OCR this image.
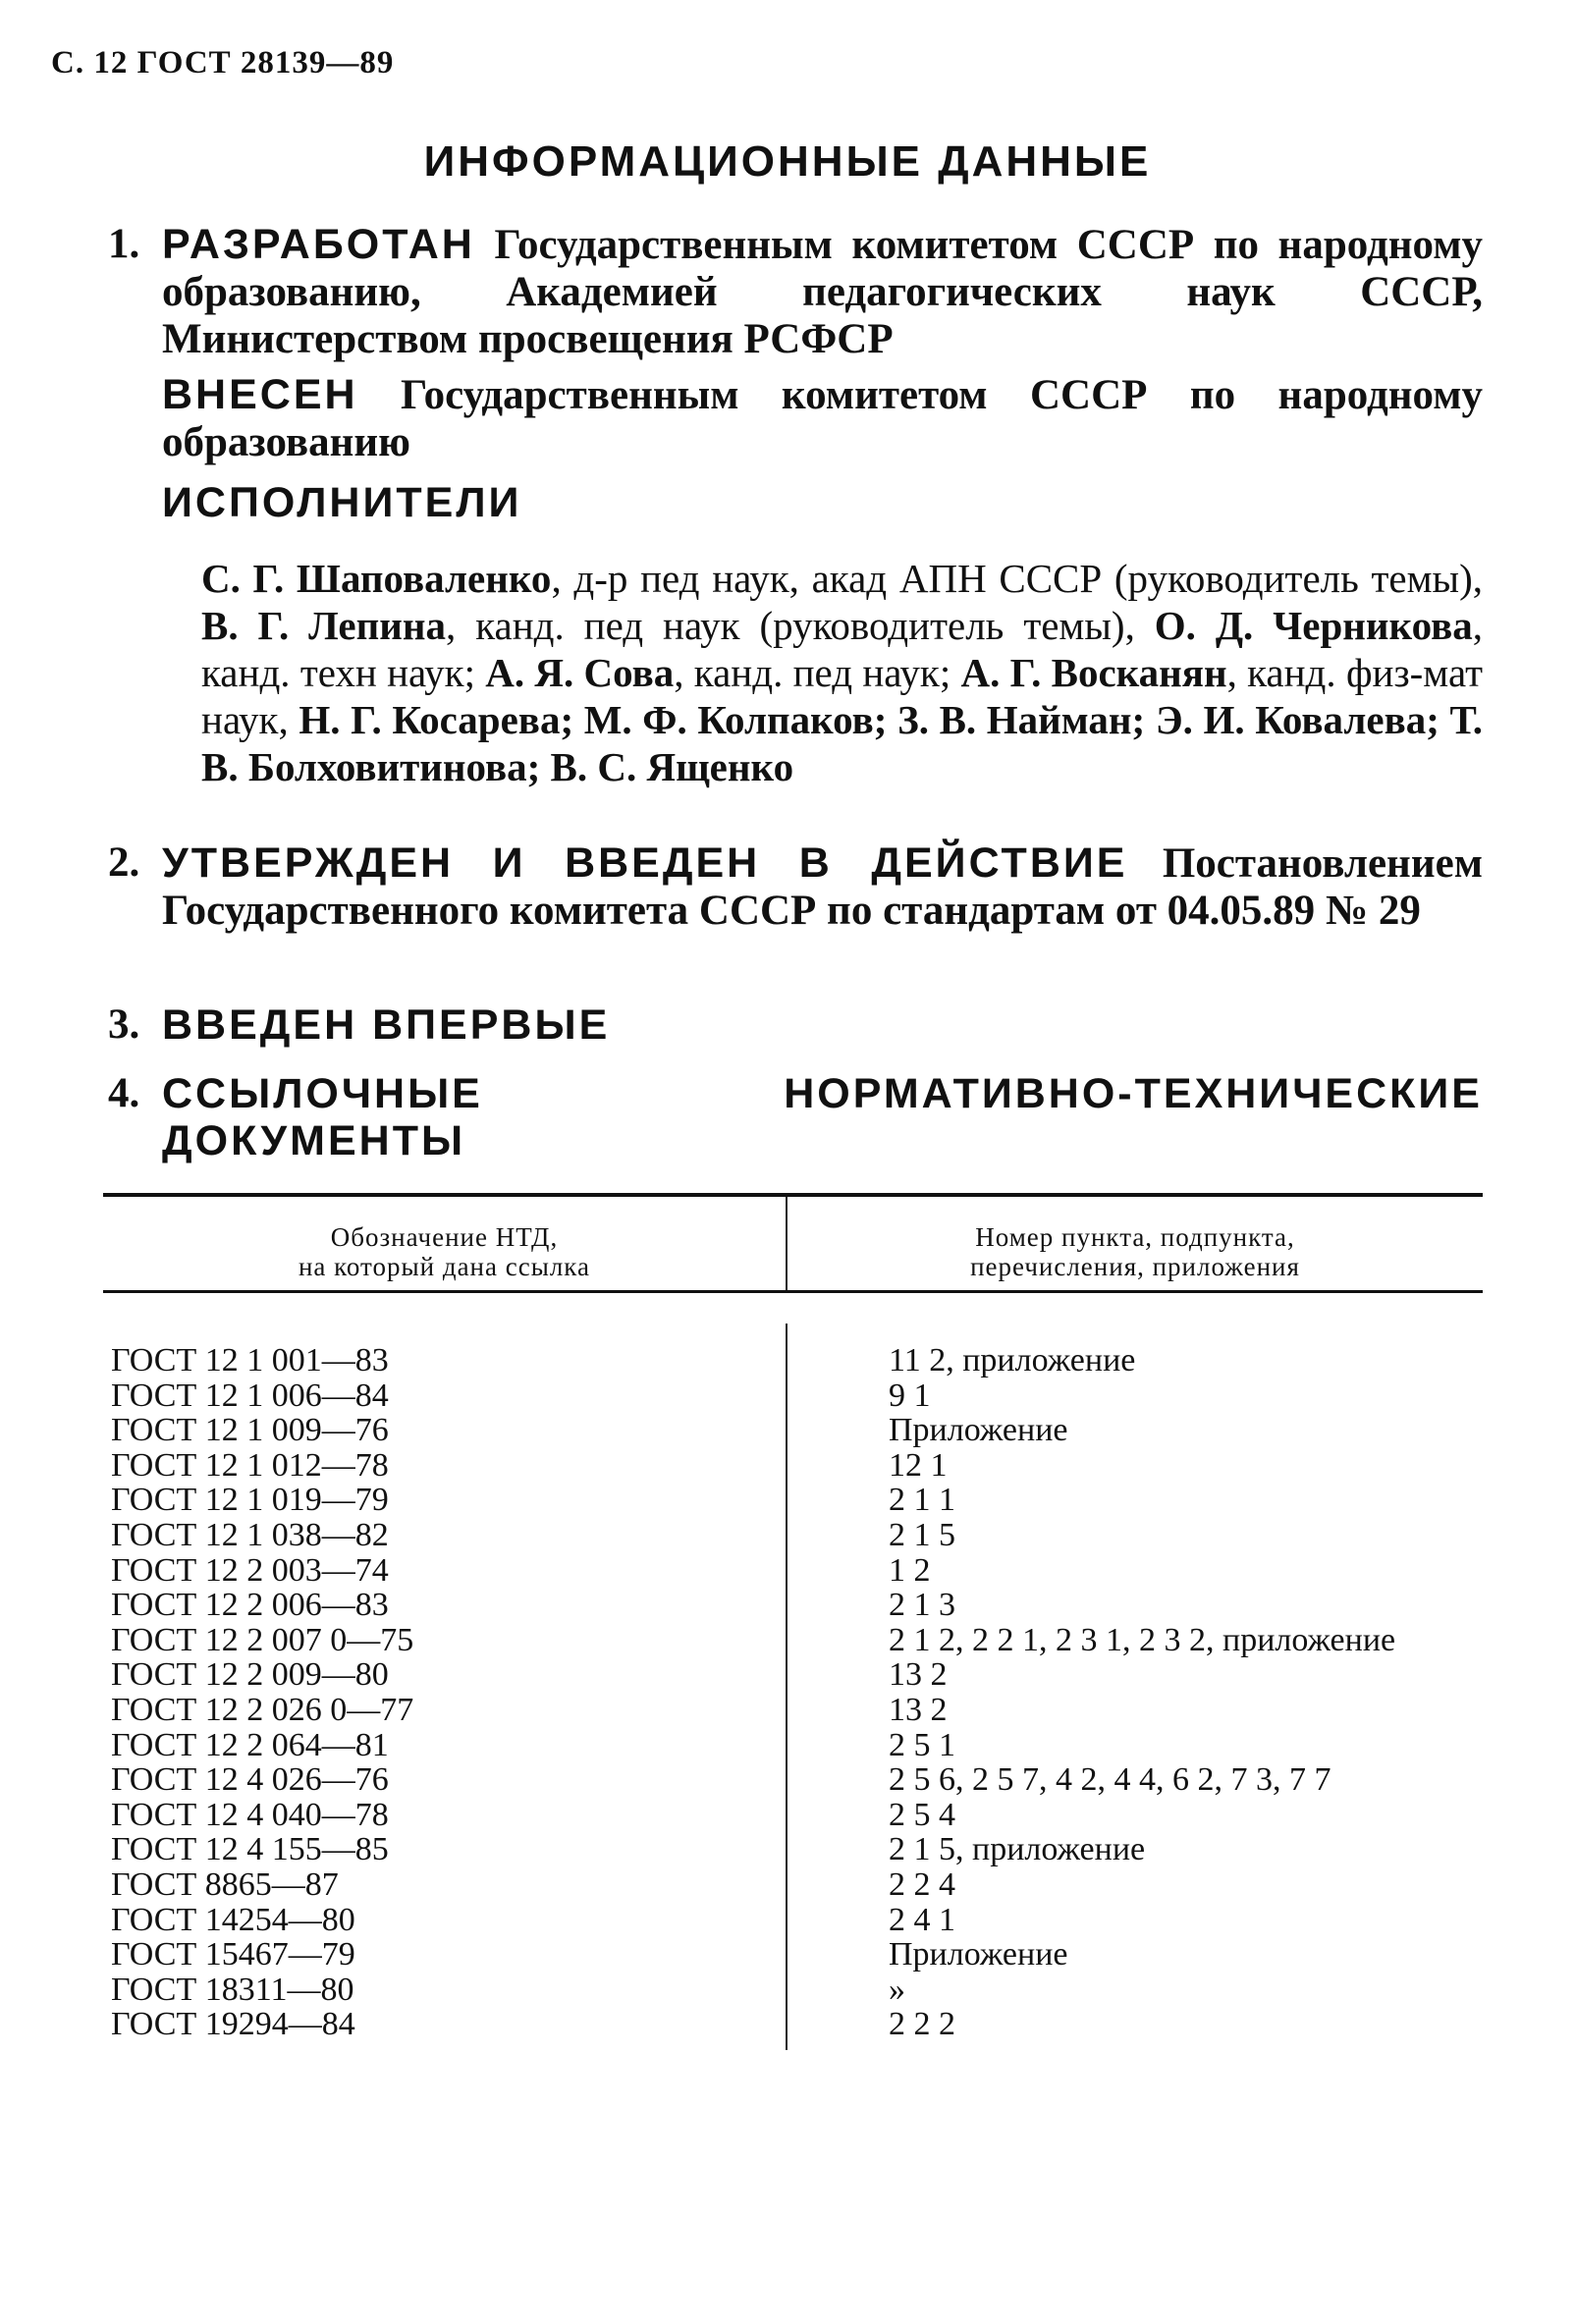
С. 12 ГОСТ 28139—89
ИНФОРМАЦИОННЫЕ ДАННЫЕ
1. РАЗРАБОТАН Государственным комитетом СССР по народному образованию, Академией педагогических наук СССР, Министерством просвещения РСФСР
ВНЕСЕН Государственным комитетом СССР по народному образованию
ИСПОЛНИТЕЛИ
С. Г. Шаповаленко, д-р пед наук, акад АПН СССР (руководитель темы), В. Г. Лепина, канд. пед наук (руководитель темы), О. Д. Черникова, канд. техн наук; А. Я. Сова, канд. пед наук; А. Г. Восканян, канд. физ-мат наук, Н. Г. Косарева; М. Ф. Колпаков; З. В. Найман; Э. И. Ковалева; Т. В. Болховитинова; В. С. Ященко
2. УТВЕРЖДЕН И ВВЕДЕН В ДЕЙСТВИЕ Постановлением Государственного комитета СССР по стандартам от 04.05.89 № 29
3. ВВЕДЕН ВПЕРВЫЕ
4. ССЫЛОЧНЫЕ НОРМАТИВНО-ТЕХНИЧЕСКИЕ ДОКУМЕНТЫ
Обозначение НТД,
на который дана ссылка
Номер пункта, подпункта,
перечисления, приложения
ГОСТ 12 1 001—83
ГОСТ 12 1 006—84
ГОСТ 12 1 009—76
ГОСТ 12 1 012—78
ГОСТ 12 1 019—79
ГОСТ 12 1 038—82
ГОСТ 12 2 003—74
ГОСТ 12 2 006—83
ГОСТ 12 2 007 0—75
ГОСТ 12 2 009—80
ГОСТ 12 2 026 0—77
ГОСТ 12 2 064—81
ГОСТ 12 4 026—76
ГОСТ 12 4 040—78
ГОСТ 12 4 155—85
ГОСТ 8865—87
ГОСТ 14254—80
ГОСТ 15467—79
ГОСТ 18311—80
ГОСТ 19294—84
11 2, приложение
9 1
Приложение
12 1
2 1 1
2 1 5
1 2
2 1 3
2 1 2, 2 2 1, 2 3 1, 2 3 2, приложение
13 2
13 2
2 5 1
2 5 6, 2 5 7, 4 2, 4 4, 6 2, 7 3, 7 7
2 5 4
2 1 5, приложение
2 2 4
2 4 1
Приложение
»
2 2 2
